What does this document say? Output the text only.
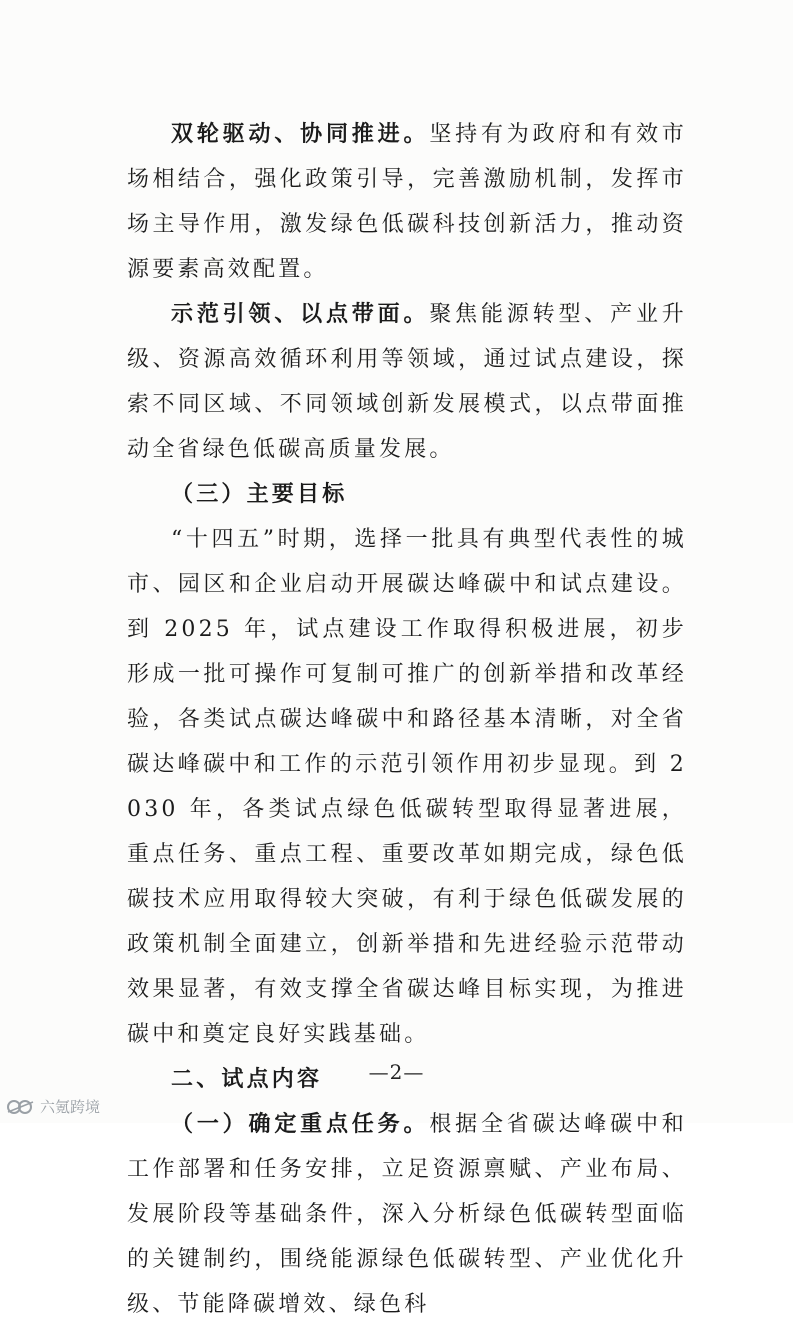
双轮驱动、协同推进。坚持有为政府和有效市场相结合，强化政策引导，完善激励机制，发挥市场主导作用，激发绿色低碳科技创新活力，推动资源要素高效配置。

示范引领、以点带面。聚焦能源转型、产业升级、资源高效循环利用等领域，通过试点建设，探索不同区域、不同领域创新发展模式，以点带面推动全省绿色低碳高质量发展。

（三）主要目标

“十四五”时期，选择一批具有典型代表性的城市、园区和企业启动开展碳达峰碳中和试点建设。到 2025 年，试点建设工作取得积极进展，初步形成一批可操作可复制可推广的创新举措和改革经验，各类试点碳达峰碳中和路径基本清晰，对全省碳达峰碳中和工作的示范引领作用初步显现。到 2030 年，各类试点绿色低碳转型取得显著进展，重点任务、重点工程、重要改革如期完成，绿色低碳技术应用取得较大突破，有利于绿色低碳发展的政策机制全面建立，创新举措和先进经验示范带动效果显著，有效支撑全省碳达峰目标实现，为推进碳中和奠定良好实践基础。

二、试点内容

（一）确定重点任务。根据全省碳达峰碳中和工作部署和任务安排，立足资源禀赋、产业布局、发展阶段等基础条件，深入分析绿色低碳转型面临的关键制约，围绕能源绿色低碳转型、产业优化升级、节能降碳增效、绿色科

—2—
六氪跨境
